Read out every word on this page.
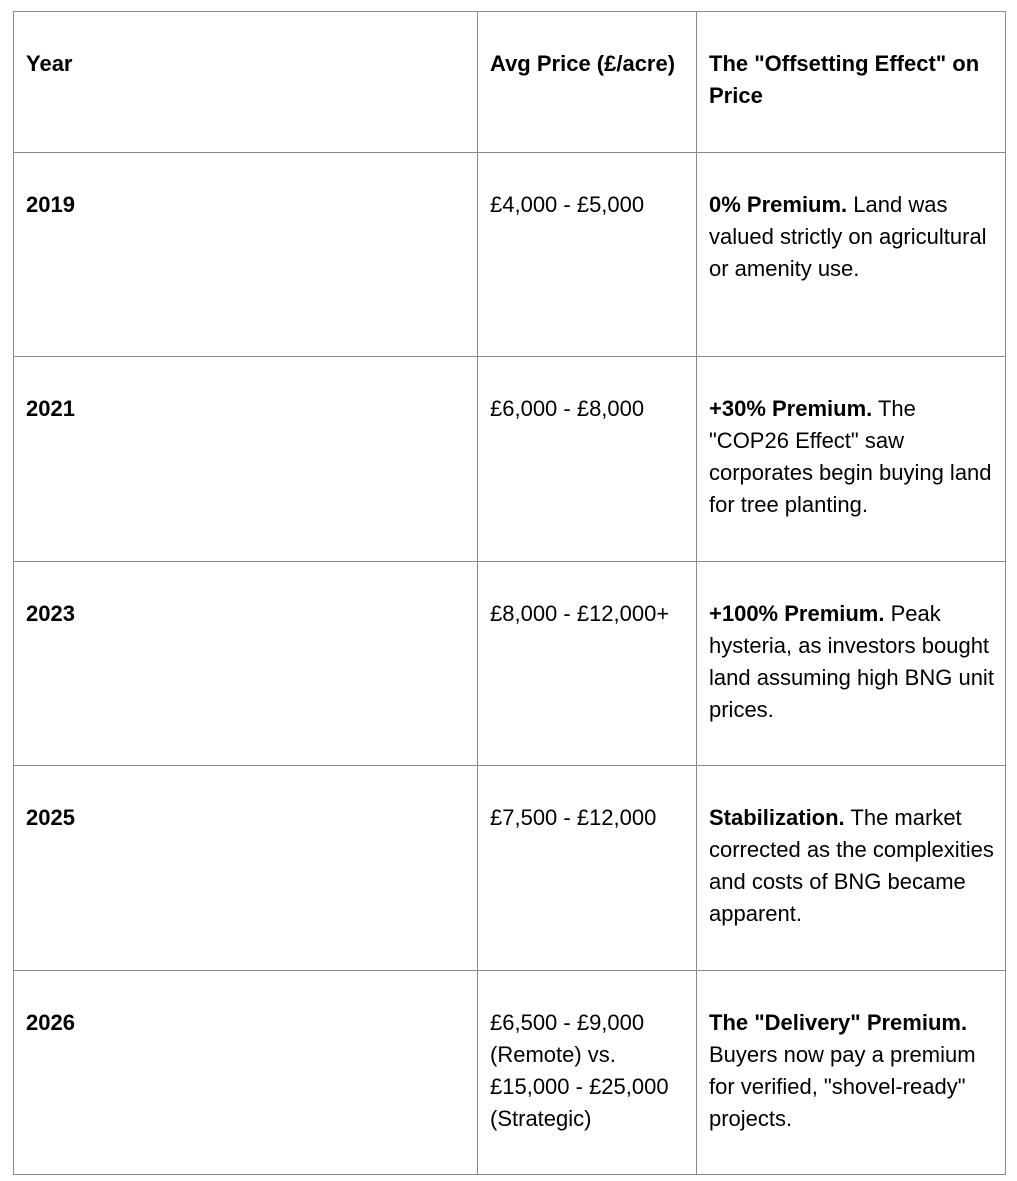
Year	Avg Price (£/acre)	The "Offsetting Effect" on Price
2019	£4,000 - £5,000	0% Premium. Land was valued strictly on agricultural or amenity use.
2021	£6,000 - £8,000	+30% Premium. The "COP26 Effect" saw corporates begin buying land for tree planting.
2023	£8,000 - £12,000+	+100% Premium. Peak hysteria, as investors bought land assuming high BNG unit prices.
2025	£7,500 - £12,000	Stabilization. The market corrected as the complexities and costs of BNG became apparent.
2026	£6,500 - £9,000 (Remote) vs. £15,000 - £25,000 (Strategic)	The "Delivery" Premium. Buyers now pay a premium for verified, "shovel-ready" projects.
